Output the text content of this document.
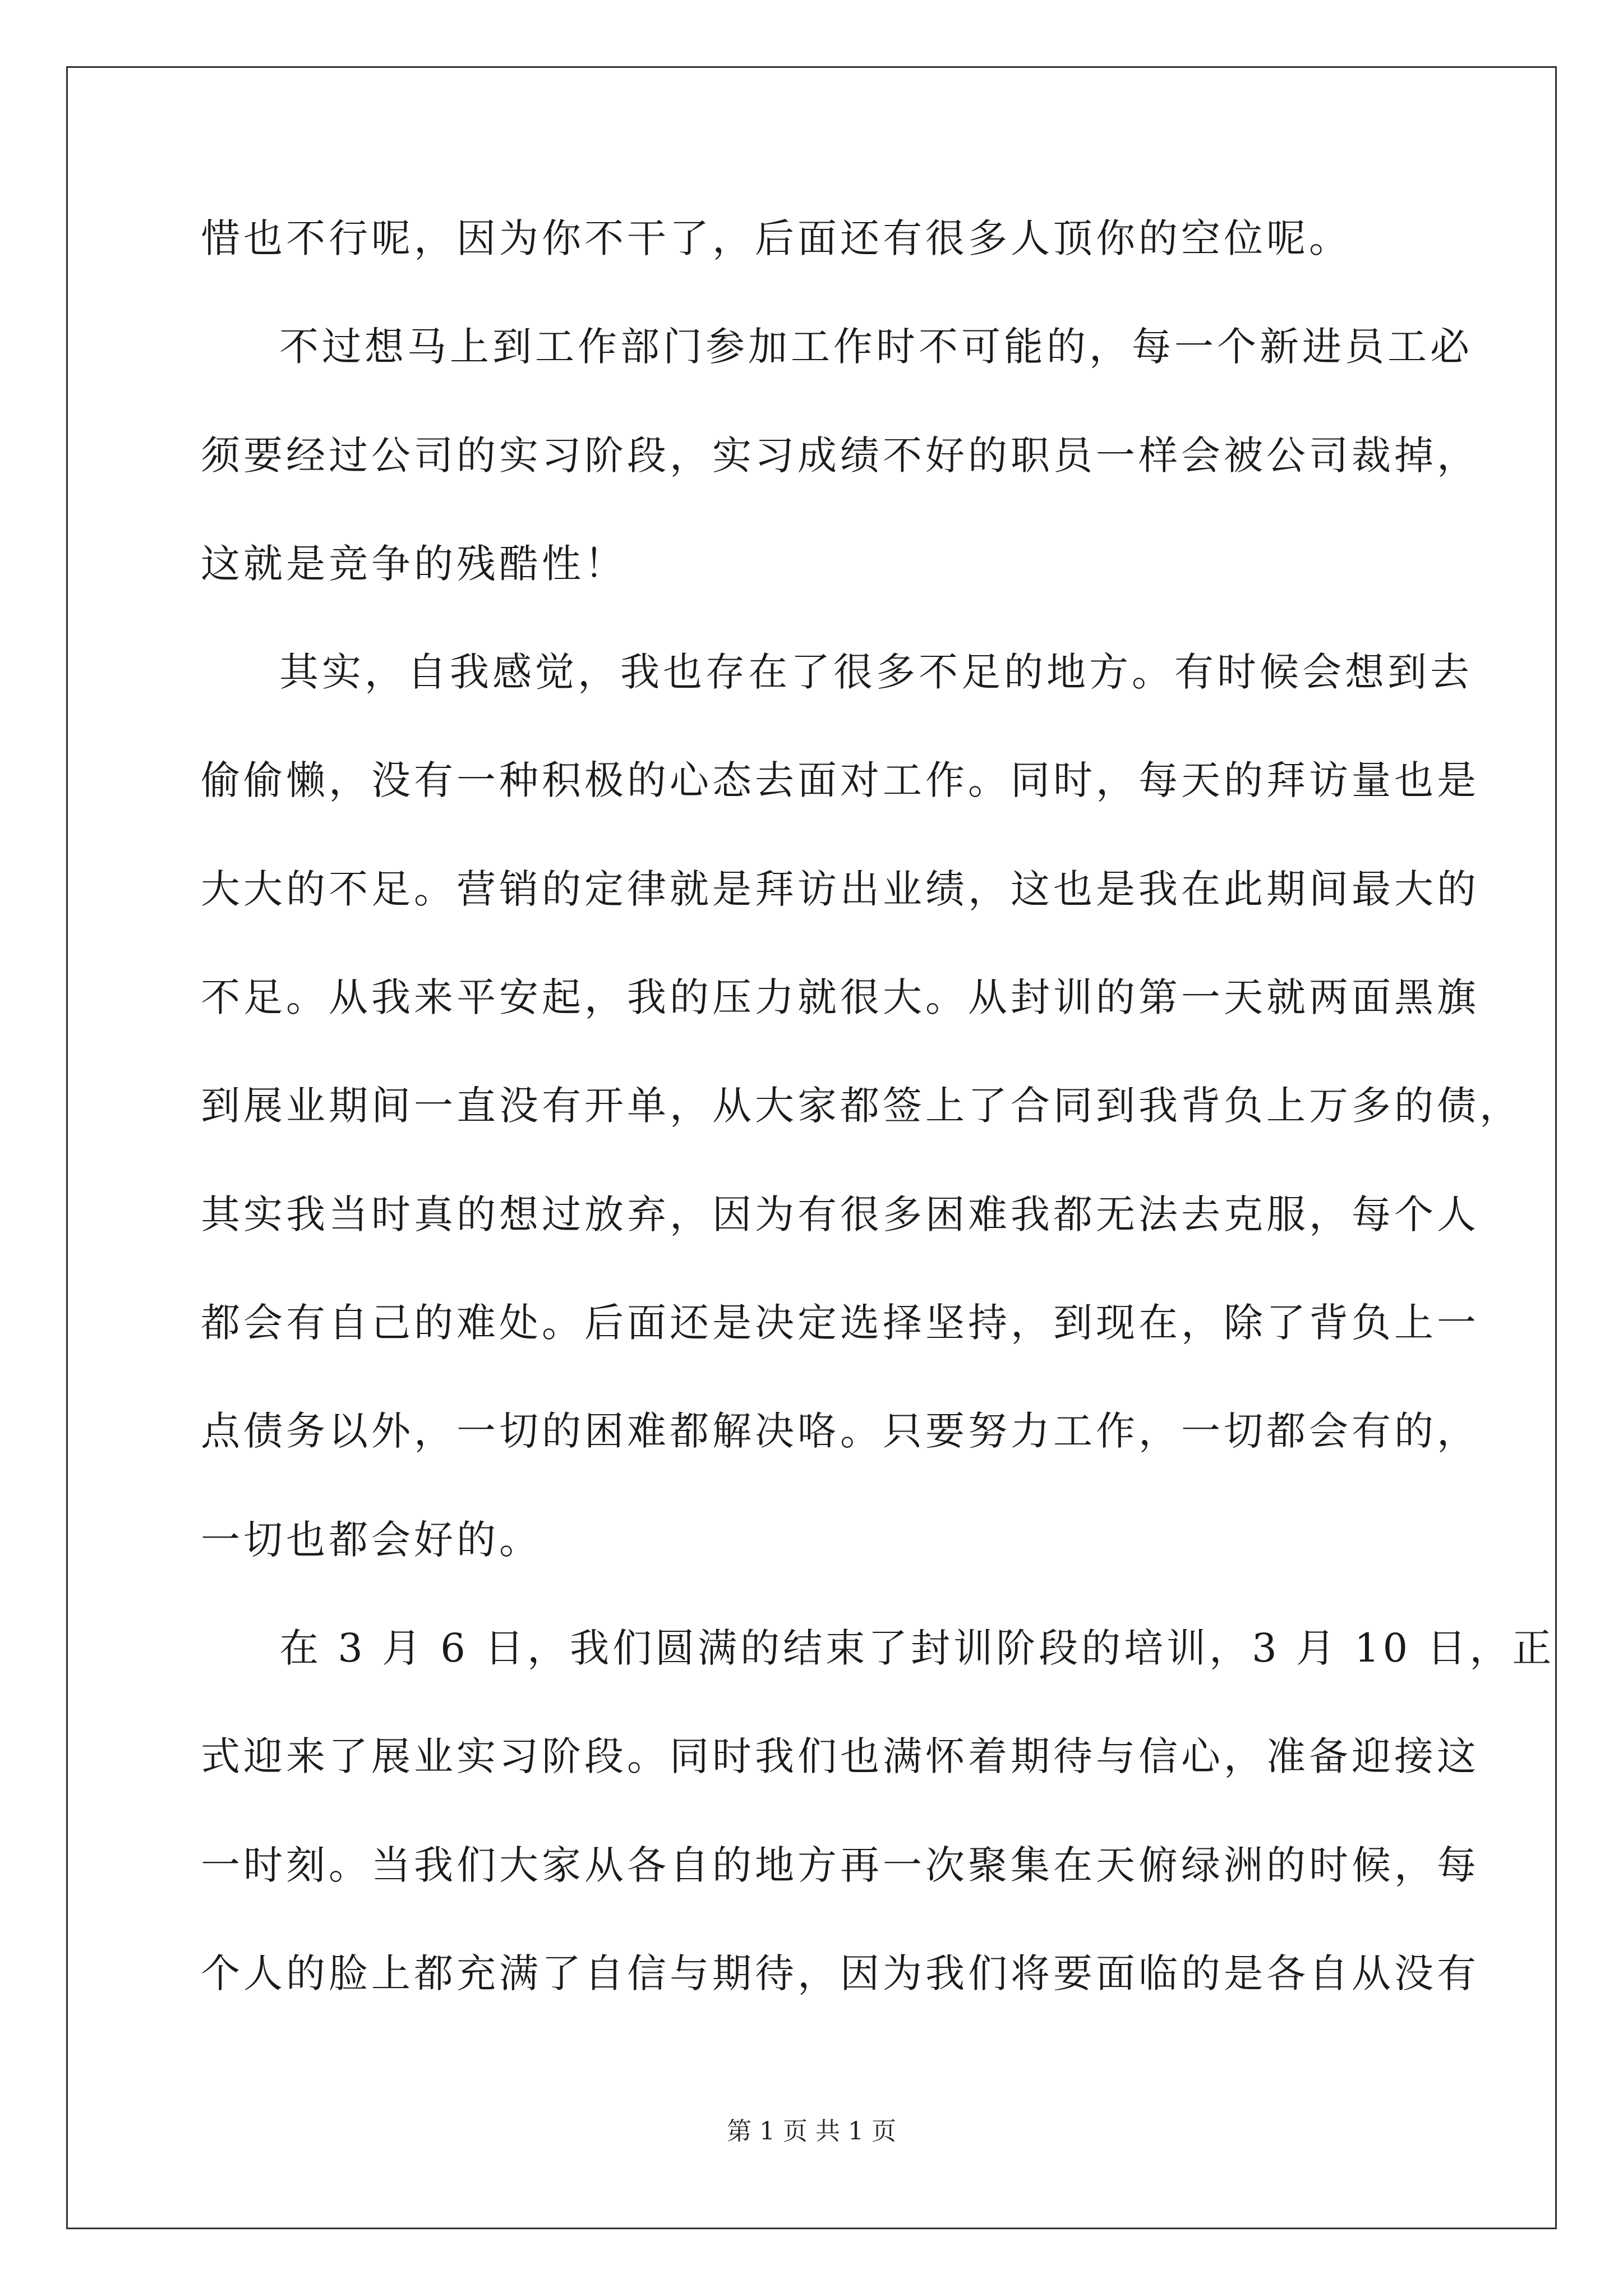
惜也不行呢，因为你不干了，后面还有很多人顶你的空位呢。
不过想马上到工作部门参加工作时不可能的，每一个新进员工必
须要经过公司的实习阶段，实习成绩不好的职员一样会被公司裁掉，
这就是竞争的残酷性！
其实，自我感觉，我也存在了很多不足的地方。有时候会想到去
偷偷懒，没有一种积极的心态去面对工作。同时，每天的拜访量也是
大大的不足。营销的定律就是拜访出业绩，这也是我在此期间最大的
不足。从我来平安起，我的压力就很大。从封训的第一天就两面黑旗
到展业期间一直没有开单，从大家都签上了合同到我背负上万多的债，
其实我当时真的想过放弃，因为有很多困难我都无法去克服，每个人
都会有自己的难处。后面还是决定选择坚持，到现在，除了背负上一
点债务以外，一切的困难都解决咯。只要努力工作，一切都会有的，
一切也都会好的。
在 3 月 6 日，我们圆满的结束了封训阶段的培训，3 月 10 日，正
式迎来了展业实习阶段。同时我们也满怀着期待与信心，准备迎接这
一时刻。当我们大家从各自的地方再一次聚集在天俯绿洲的时候，每
个人的脸上都充满了自信与期待，因为我们将要面临的是各自从没有
第 1 页 共 1 页
